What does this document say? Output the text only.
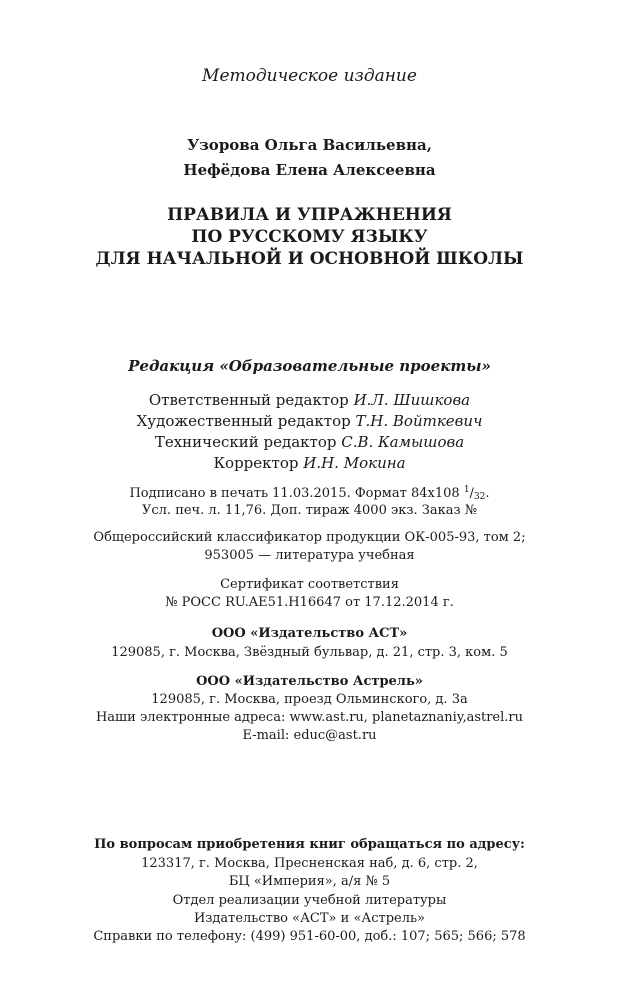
Методическое издание
Узорова Ольга Васильевна,
Нефёдова Елена Алексеевна
ПРАВИЛА И УПРАЖНЕНИЯ
ПО РУССКОМУ ЯЗЫКУ
ДЛЯ НАЧАЛЬНОЙ И ОСНОВНОЙ ШКОЛЫ
Редакция «Образовательные проекты»
Ответственный редактор И.Л. Шишкова
Художественный редактор Т.Н. Войткевич
Технический редактор С.В. Камышова
Корректор И.Н. Мокина
Подписано в печать 11.03.2015. Формат 84х108 $^1/_{32}$.
Усл. печ. л. 11,76. Доп. тираж 4000 экз. Заказ №
Общероссийский классификатор продукции ОК-005-93, том 2;
953005 — литература учебная
Сертификат соответствия
№ РОСС RU.AE51.H16647 от 17.12.2014 г.
ООО «Издательство АСТ»
129085, г. Москва, Звёздный бульвар, д. 21, стр. 3, ком. 5
ООО «Издательство Астрель»
129085, г. Москва, проезд Ольминского, д. 3а
Наши электронные адреса: www.ast.ru, planetaznaniy,astrel.ru
E-mail: educ@ast.ru
По вопросам приобретения книг обращаться по адресу:
123317, г. Москва, Пресненская наб, д. 6, стр. 2,
БЦ «Империя», а/я № 5
Отдел реализации учебной литературы
Издательство «АСТ» и «Астрель»
Справки по телефону: (499) 951-60-00, доб.: 107; 565; 566; 578
